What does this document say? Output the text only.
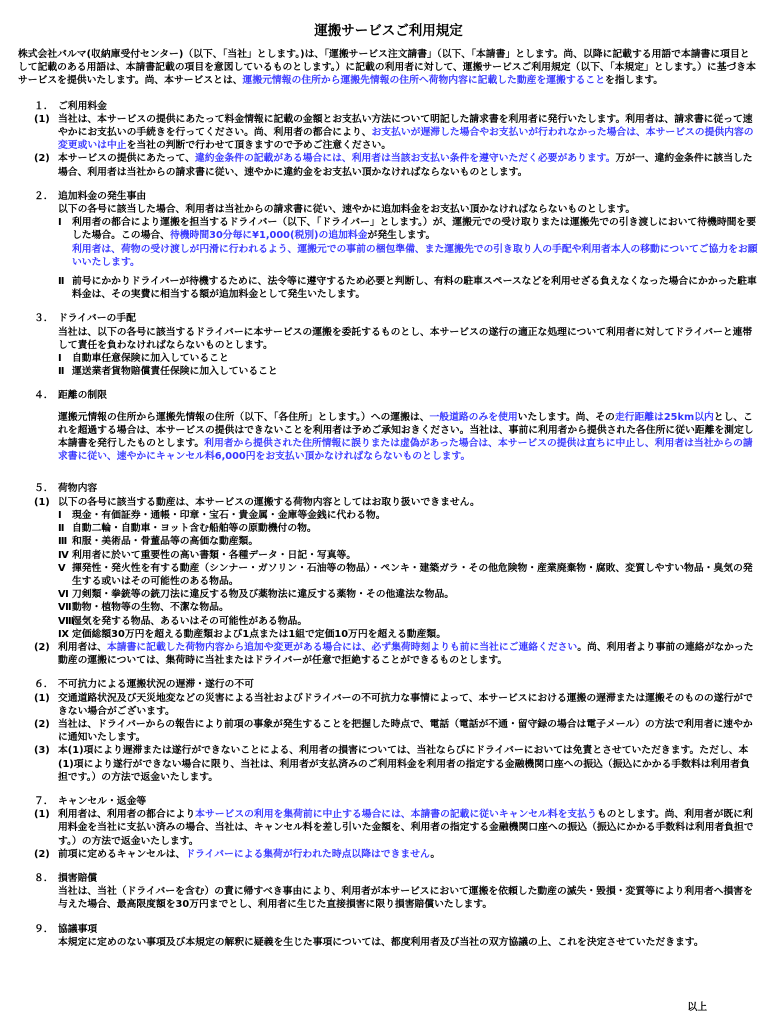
運搬サービスご利用規定
株式会社パルマ(収納庫受付センター)（以下、「当社」とします。)は、「運搬サービス注文請書」（以下、「本請書」とします。尚、以降に記載する用語で本請書に項目として記載のある用語は、本請書記載の項目を意図しているものとします。）に記載の利用者に対して、運搬サービスご利用規定（以下、「本規定」とします。）に基づき本サービスを提供いたします。尚、本サービスとは、運搬元情報の住所から運搬先情報の住所へ荷物内容に記載した動産を運搬することを指します。
１． ご利用料金
(1) 当社は、本サービスの提供にあたって料金情報に記載の金額とお支払い方法について明記した請求書を利用者に発行いたします。利用者は、請求書に従って速やかにお支払いの手続きを行ってください。尚、利用者の都合により、お支払いが遅滞した場合やお支払いが行われなかった場合は、本サービスの提供内容の変更或いは中止を当社の判断で行わせて頂きますので予めご注意ください。
(2) 本サービスの提供にあたって、違約金条件の記載がある場合には、利用者は当該お支払い条件を遵守いただく必要があります。万が一、違約金条件に該当した場合、利用者は当社からの請求書に従い、速やかに違約金をお支払い頂かなければならないものとします。
２． 追加料金の発生事由
以下の各号に該当した場合、利用者は当社からの請求書に従い、速やかに追加料金をお支払い頂かなければならないものとします。
Ⅰ	利用者の都合により運搬を担当するドライバー（以下、「ドライバー」とします。）が、運搬元での受け取りまたは運搬先での引き渡しにおいて待機時間を要した場合。この場合、待機時間30分毎に¥1,000(税別)の追加料金が発生します。
利用者は、荷物の受け渡しが円滑に行われるよう、運搬元での事前の梱包準備、また運搬先での引き取り人の手配や利用者本人の移動についてご協力をお願いいたします。
Ⅱ 前号にかかりドライバーが待機するために、法令等に遵守するため必要と判断し、有料の駐車スペースなどを利用せざる負えなくなった場合にかかった駐車料金は、その実費に相当する額が追加料金として発生いたします。
３． ドライバーの手配
当社は、以下の各号に該当するドライバーに本サービスの運搬を委託するものとし、本サービスの遂行の適正な処理について利用者に対してドライバーと連帯して責任を負わなければならないものとします。
Ⅰ	自動車任意保険に加入していること
Ⅱ 運送業者貨物賠償責任保険に加入していること
４． 距離の制限
運搬元情報の住所から運搬先情報の住所（以下、「各住所」とします。）への運搬は、一般道路のみを使用いたします。尚、その走行距離は25km以内とし、これを超過する場合は、本サービスの提供はできないことを利用者は予めご承知おきください。当社は、事前に利用者から提供された各住所に従い距離を測定し本請書を発行したものとします。利用者から提供された住所情報に誤りまたは虚偽があった場合は、本サービスの提供は直ちに中止し、利用者は当社からの請求書に従い、速やかにキャンセル料6,000円をお支払い頂かなければならないものとします。
５． 荷物内容
(1) 以下の各号に該当する動産は、本サービスの運搬する荷物内容としてはお取り扱いできません。
Ⅰ	現金・有価証券・通帳・印章・宝石・貴金属・金庫等金銭に代わる物。
Ⅱ 自動二輪・自動車・ヨット含む船舶等の原動機付の物。
Ⅲ 和服・美術品・骨董品等の高価な動産類。
Ⅳ 利用者に於いて重要性の高い書類・各種データ・日記・写真等。
Ⅴ 揮発性・発火性を有する動産（シンナー・ガソリン・石油等の物品）・ペンキ・建築ガラ・その他危険物・産業廃棄物・腐敗、変質しやすい物品・臭気の発生する或いはその可能性のある物品。
Ⅵ 刀剣類・拳銃等の銃刀法に違反する物及び薬物法に違反する薬物・その他違法な物品。
Ⅶ 動物・植物等の生物、不潔な物品。
Ⅷ
湿気を発する物品、あるいはその可能性がある物品。
Ⅸ 定価総額30万円を超える動産類および1点または1組で定価10万円を超える動産類。
(2) 利用者は、本請書に記載した荷物内容から追加や変更がある場合には、必ず集荷時刻よりも前に当社にご連絡ください。尚、利用者より事前の連絡がなかった動産の運搬については、集荷時に当社またはドライバーが任意で拒絶することができるものとします。
６． 不可抗力による運搬状況の遅滞・遂行の不可
(1) 交通道路状況及び天災地変などの災害による当社およびドライバーの不可抗力な事情によって、本サービスにおける運搬の遅滞または運搬そのものの遂行ができない場合がございます。
(2) 当社は、ドライバーからの報告により前項の事象が発生することを把握した時点で、電話（電話が不通・留守録の場合は電子メール）の方法で利用者に速やかに通知いたします。
(3) 本(1)項により遅滞または遂行ができないことによる、利用者の損害については、当社ならびにドライバーにおいては免責とさせていただきます。ただし、本(1)項により遂行ができない場合に限り、当社は、利用者が支払済みのご利用料金を利用者の指定する金融機関口座への振込（振込にかかる手数料は利用者負担です。）の方法で返金いたします。
７． キャンセル・返金等
(1) 利用者は、利用者の都合により本サービスの利用を集荷前に中止する場合には、本請書の記載に従いキャンセル料を支払うものとします。尚、利用者が既に利用料金を当社に支払い済みの場合、当社は、キャンセル料を差し引いた金額を、利用者の指定する金融機関口座への振込（振込にかかる手数料は利用者負担です。）の方法で返金いたします。
(2) 前項に定めるキャンセルは、ドライバーによる集荷が行われた時点以降はできません。
８． 損害賠償
当社は、当社（ドライバーを含む）の責に帰すべき事由により、利用者が本サービスにおいて運搬を依頼した動産の滅失・毀損・変質等により利用者へ損害を与えた場合、最高限度額を30万円までとし、利用者に生じた直接損害に限り損害賠償いたします。
９． 協議事項
本規定に定めのない事項及び本規定の解釈に疑義を生じた事項については、都度利用者及び当社の双方協議の上、これを決定させていただきます。
以上
